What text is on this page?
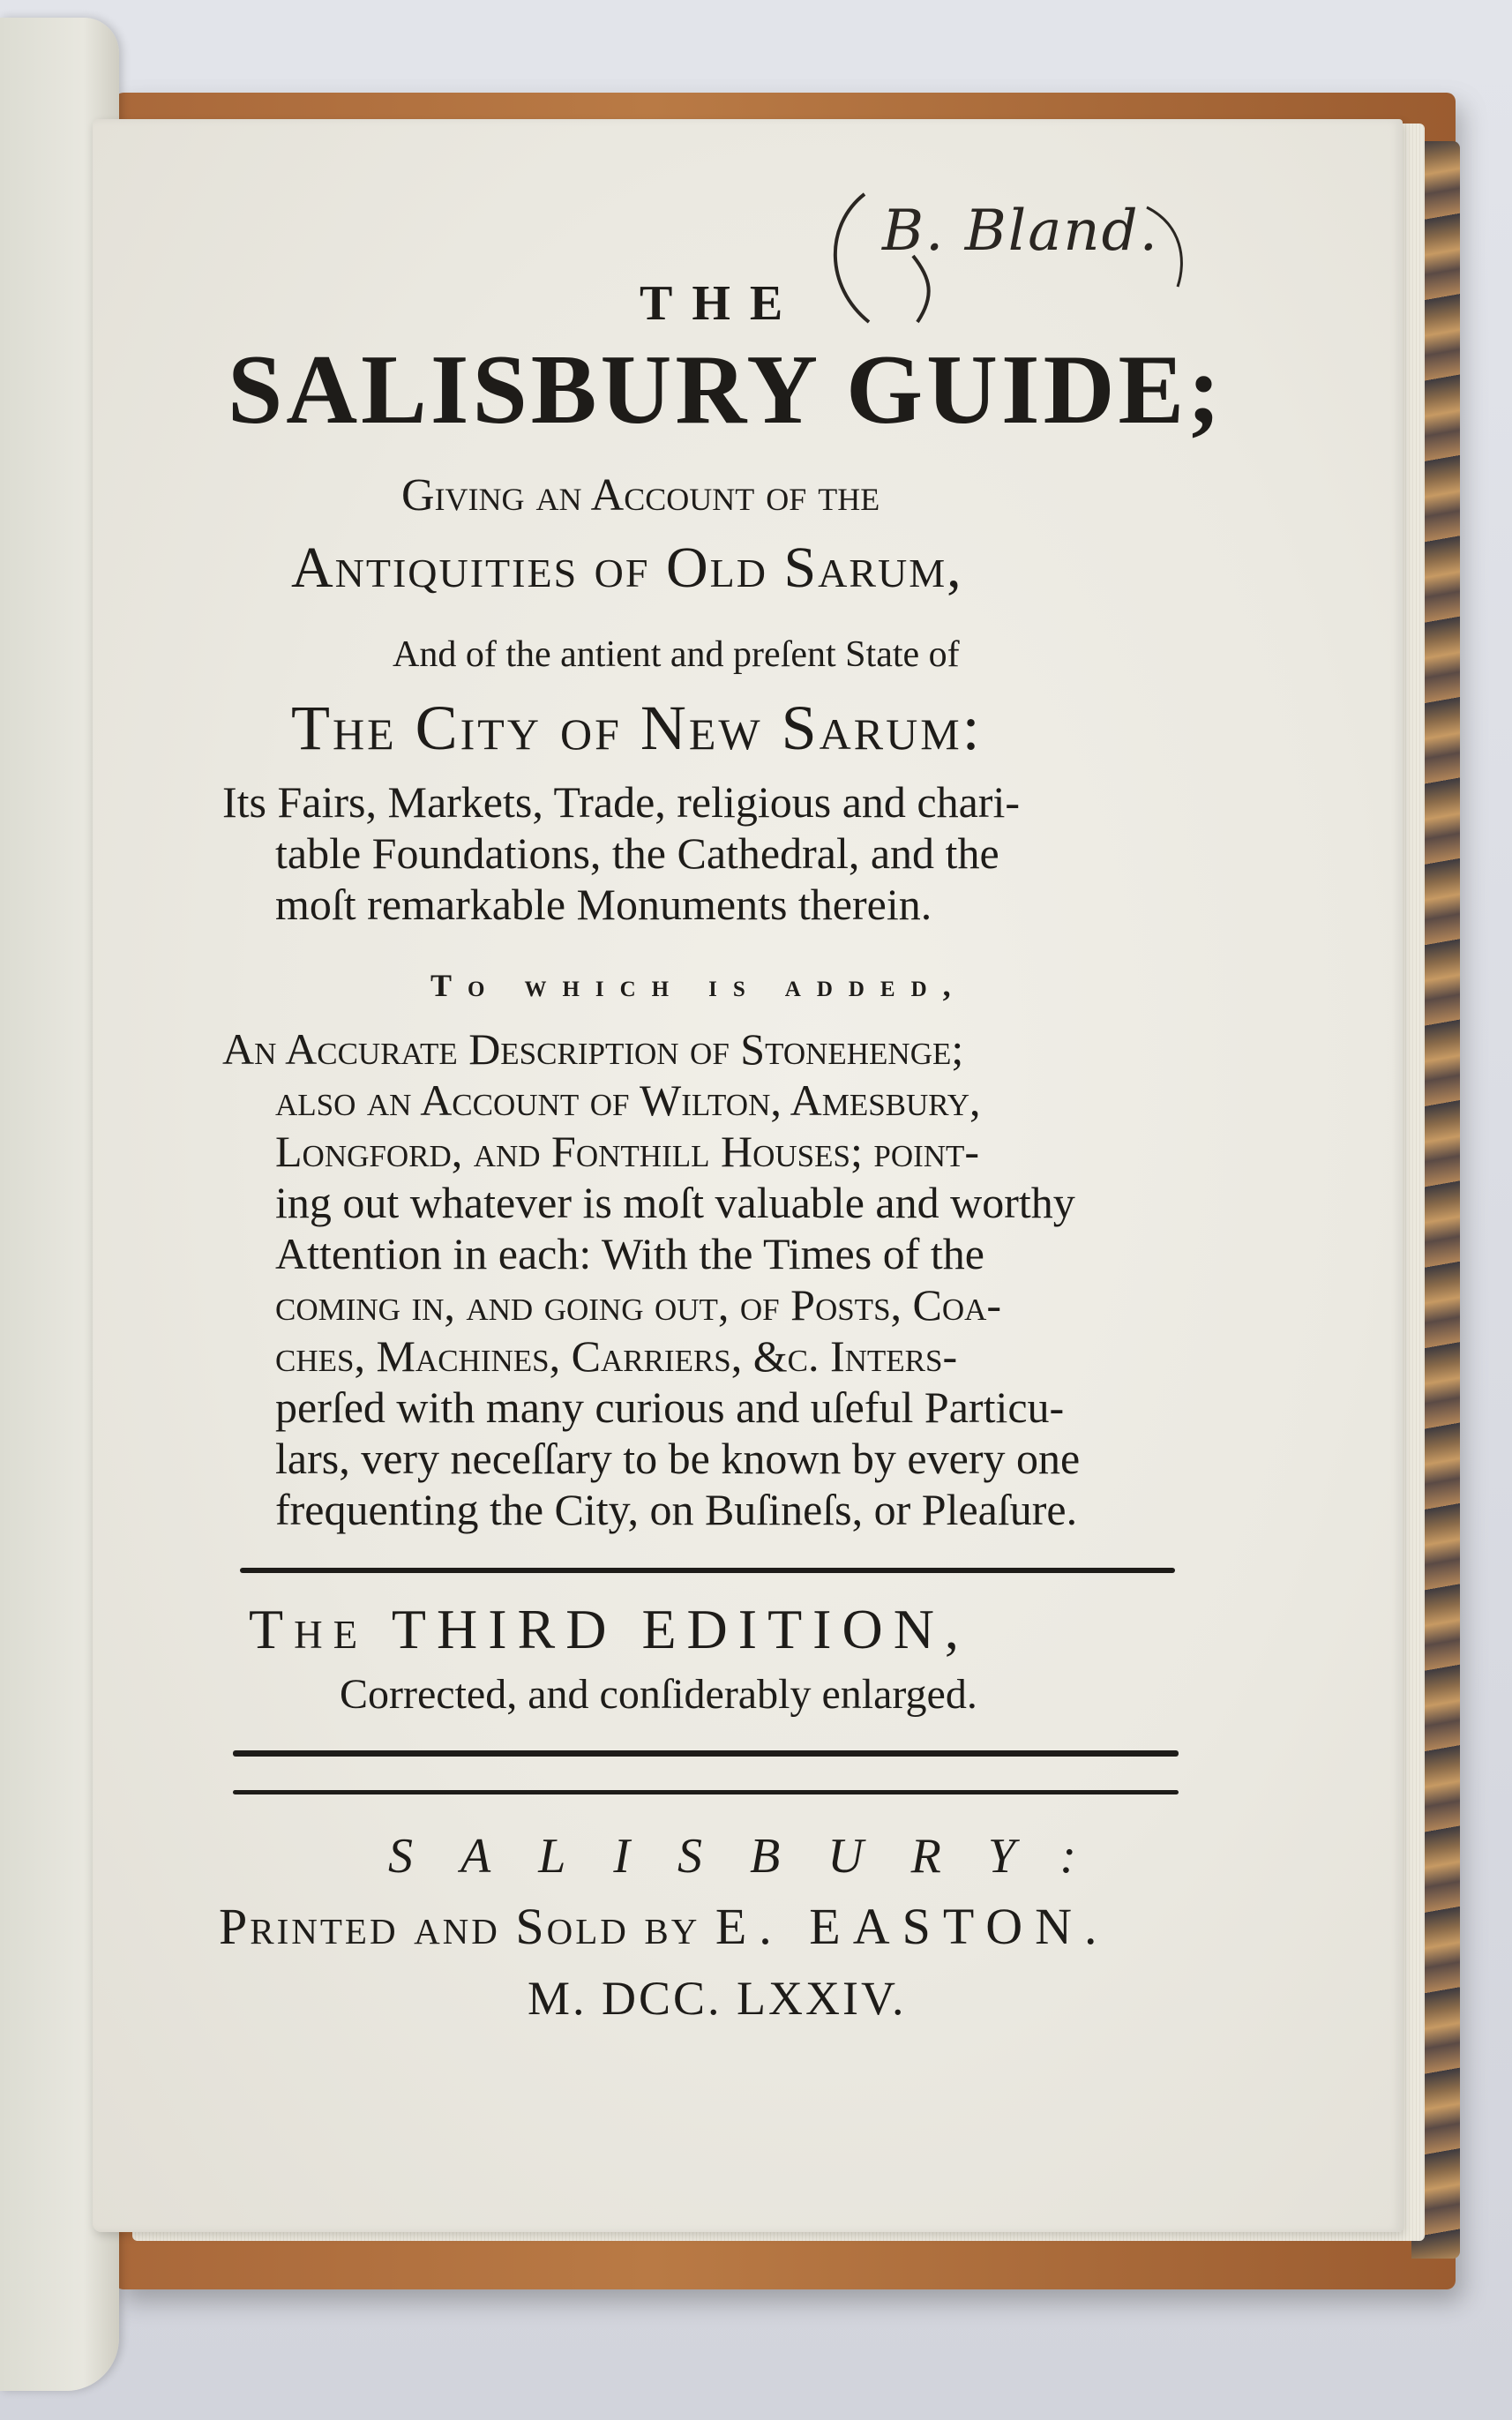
B. Bland.
THE
SALISBURY GUIDE;
Giving an Account of the
Antiquities of Old Sarum,
And of the antient and preſent State of
The City of New Sarum:
Its Fairs, Markets, Trade, religious and chari-
table Foundations, the Cathedral, and the
moſt remarkable Monuments therein.
To which is added,
An Accurate Deſcription of Stonehenge;
alſo an Account of Wilton, Amesbury,
Longford, and Fonthill Houſes; point-
ing out whatever is moſt valuable and worthy
Attention in each: With the Times of the
coming in, and going out, of Posts, Coa-
ches, Machines, Carriers, &c. Interſ-
perſed with many curious and uſeful Particu-
lars, very neceſſary to be known by every one
frequenting the City, on Buſineſs, or Pleaſure.
The THIRD EDITION,
Corrected, and conſiderably enlarged.
SALISBURY:
Printed and Sold by E. EASTON.
M. DCC. LXXIV.
